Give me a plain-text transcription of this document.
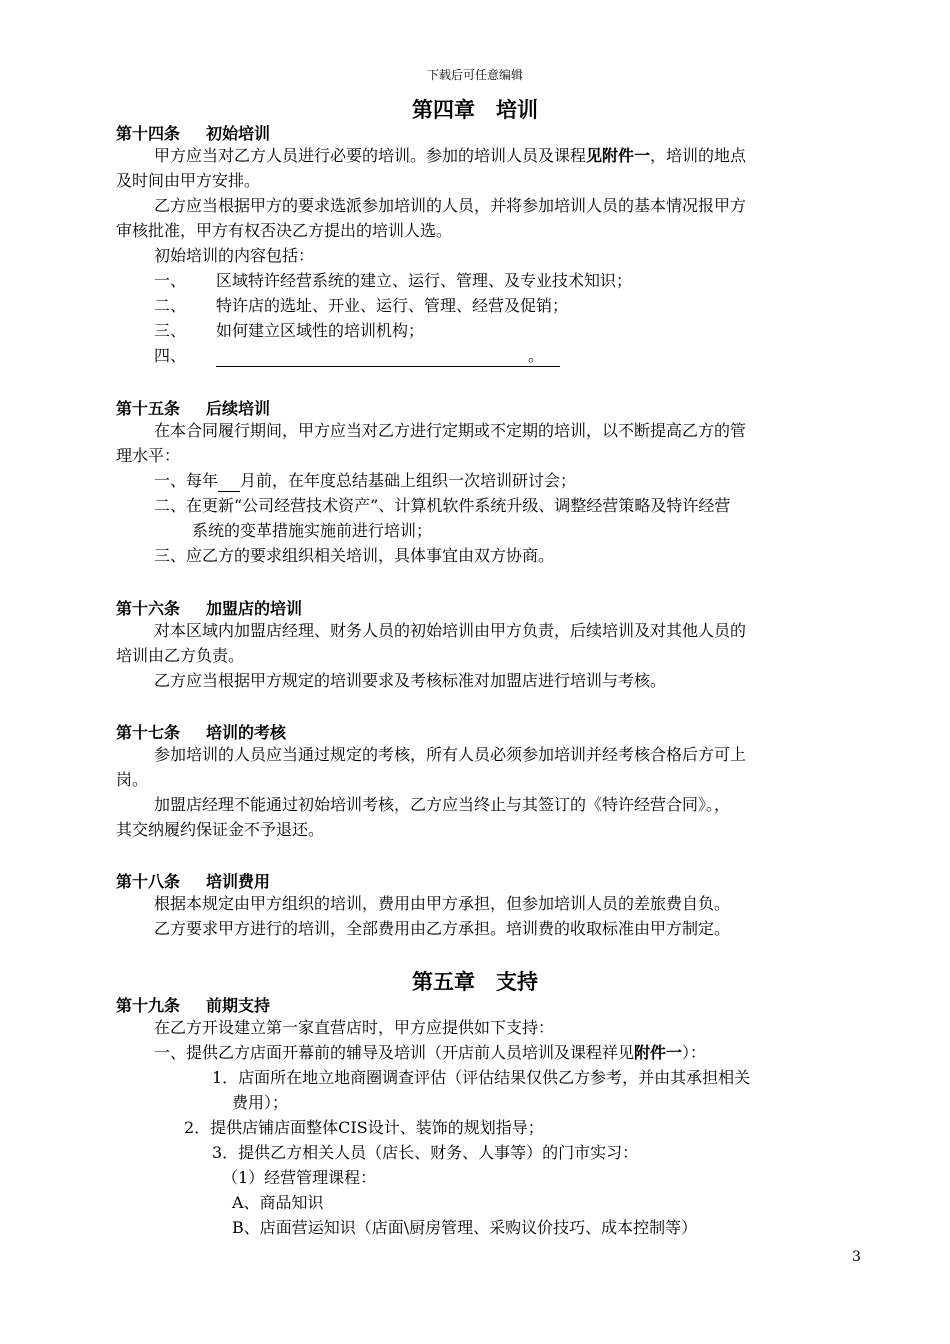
下载后可任意编辑
第四章　培训
第十四条 初始培训
甲方应当对乙方人员进行必要的培训。参加的培训人员及课程见附件一，培训的地点
及时间由甲方安排。
乙方应当根据甲方的要求选派参加培训的人员，并将参加培训人员的基本情况报甲方
审核批准，甲方有权否决乙方提出的培训人选。
初始培训的内容包括：
一、 区域特许经营系统的建立、运行、管理、及专业技术知识；
二、 特许店的选址、开业、运行、管理、经营及促销；
三、 如何建立区域性的培训机构；
四、	。 
第十五条 后续培训
在本合同履行期间，甲方应当对乙方进行定期或不定期的培训，以不断提高乙方的管
理水平：
一、每年 月前，在年度总结基础上组织一次培训研讨会；
二、在更新“公司经营技术资产”、计算机软件系统升级、调整经营策略及特许经营
系统的变革措施实施前进行培训；
三、应乙方的要求组织相关培训，具体事宜由双方协商。
第十六条 加盟店的培训
对本区域内加盟店经理、财务人员的初始培训由甲方负责，后续培训及对其他人员的
培训由乙方负责。
乙方应当根据甲方规定的培训要求及考核标准对加盟店进行培训与考核。
第十七条 培训的考核
参加培训的人员应当通过规定的考核，所有人员必须参加培训并经考核合格后方可上
岗。
加盟店经理不能通过初始培训考核，乙方应当终止与其签订的《特许经营合同》。，
其交纳履约保证金不予退还。
第十八条 培训费用
根据本规定由甲方组织的培训，费用由甲方承担，但参加培训人员的差旅费自负。
乙方要求甲方进行的培训，全部费用由乙方承担。培训费的收取标准由甲方制定。
第五章　支持
第十九条 前期支持
在乙方开设建立第一家直营店时，甲方应提供如下支持：
一、提供乙方店面开幕前的辅导及培训（开店前人员培训及课程祥见附件一）：
1．店面所在地立地商圈调查评估（评估结果仅供乙方参考，并由其承担相关
费用）；
2．提供店铺店面整体CIS设计、装饰的规划指导；
3．提供乙方相关人员（店长、财务、人事等）的门市实习：
（1）经营管理课程：
A、商品知识
B、店面营运知识（店面\厨房管理、采购议价技巧、成本控制等）
3
